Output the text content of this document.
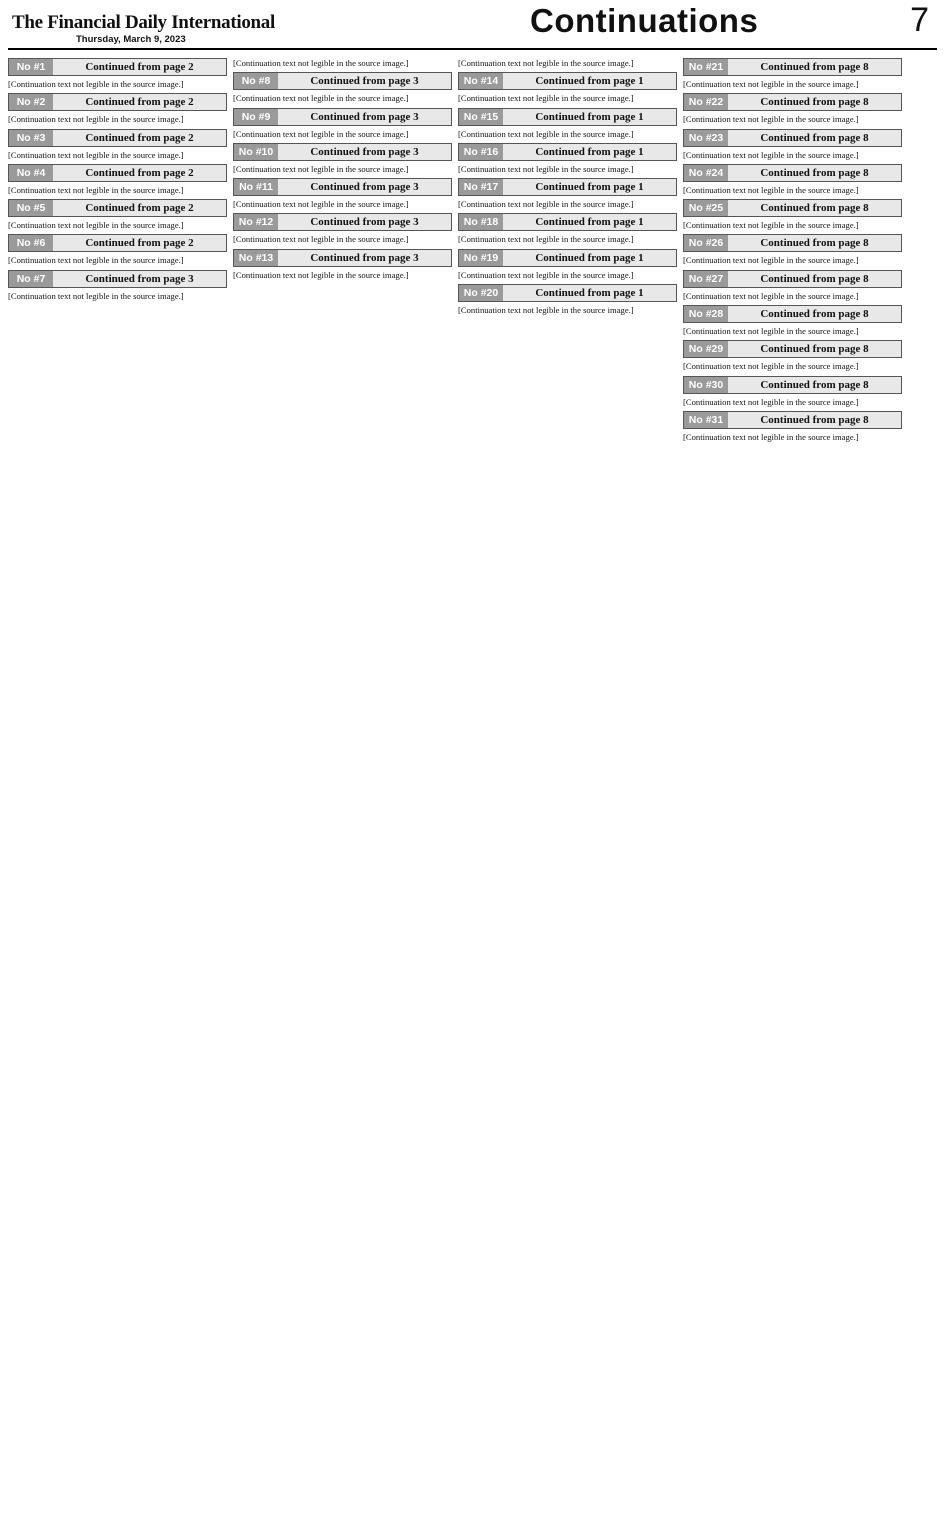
The Financial Daily International
Thursday, March 9, 2023
Continuations	7
No #1	Continued from page 2

[Continuation text not legible in the source image.]

No #2	Continued from page 2

[Continuation text not legible in the source image.]

No #3	Continued from page 2

[Continuation text not legible in the source image.]

No #4	Continued from page 2

[Continuation text not legible in the source image.]

No #5	Continued from page 2

[Continuation text not legible in the source image.]

No #6	Continued from page 2

[Continuation text not legible in the source image.]

No #7	Continued from page 3

[Continuation text not legible in the source image.]

[Continuation text not legible in the source image.]

No #8	Continued from page 3

[Continuation text not legible in the source image.]

No #9	Continued from page 3

[Continuation text not legible in the source image.]

No #10	Continued from page 3

[Continuation text not legible in the source image.]

No #11	Continued from page 3

[Continuation text not legible in the source image.]

No #12	Continued from page 3

[Continuation text not legible in the source image.]

No #13	Continued from page 3

[Continuation text not legible in the source image.]

[Continuation text not legible in the source image.]

No #14	Continued from page 1

[Continuation text not legible in the source image.]

No #15	Continued from page 1

[Continuation text not legible in the source image.]

No #16	Continued from page 1

[Continuation text not legible in the source image.]

No #17	Continued from page 1

[Continuation text not legible in the source image.]

No #18	Continued from page 1

[Continuation text not legible in the source image.]

No #19	Continued from page 1

[Continuation text not legible in the source image.]

No #20	Continued from page 1

[Continuation text not legible in the source image.]

No #21	Continued from page 8

[Continuation text not legible in the source image.]

No #22	Continued from page 8

[Continuation text not legible in the source image.]

No #23	Continued from page 8

[Continuation text not legible in the source image.]

No #24	Continued from page 8

[Continuation text not legible in the source image.]

No #25	Continued from page 8

[Continuation text not legible in the source image.]

No #26	Continued from page 8

[Continuation text not legible in the source image.]

No #27	Continued from page 8

[Continuation text not legible in the source image.]

No #28	Continued from page 8

[Continuation text not legible in the source image.]

No #29	Continued from page 8

[Continuation text not legible in the source image.]

No #30	Continued from page 8

[Continuation text not legible in the source image.]

No #31	Continued from page 8

[Continuation text not legible in the source image.]
